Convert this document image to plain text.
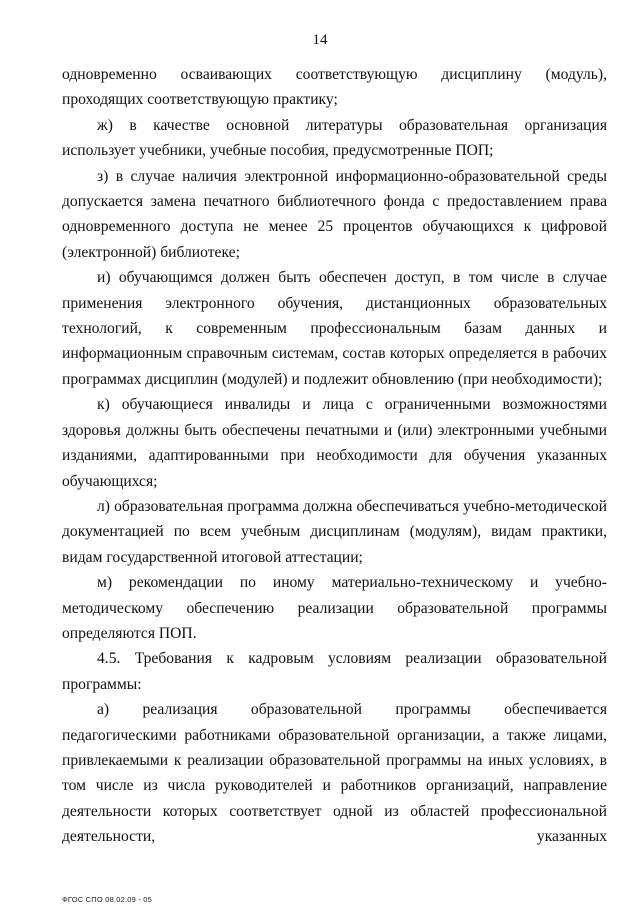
14

одновременно осваивающих соответствующую дисциплину (модуль), проходящих соответствующую практику;

ж) в качестве основной литературы образовательная организация использует учебники, учебные пособия, предусмотренные ПОП;

з) в случае наличия электронной информационно-образовательной среды допускается замена печатного библиотечного фонда с предоставлением права одновременного доступа не менее 25 процентов обучающихся к цифровой (электронной) библиотеке;

и) обучающимся должен быть обеспечен доступ, в том числе в случае применения электронного обучения, дистанционных образовательных технологий, к современным профессиональным базам данных и информационным справочным системам, состав которых определяется в рабочих программах дисциплин (модулей) и подлежит обновлению (при необходимости);

к) обучающиеся инвалиды и лица с ограниченными возможностями здоровья должны быть обеспечены печатными и (или) электронными учебными изданиями, адаптированными при необходимости для обучения указанных обучающихся;

л) образовательная программа должна обеспечиваться учебно-методической документацией по всем учебным дисциплинам (модулям), видам практики, видам государственной итоговой аттестации;

м) рекомендации по иному материально-техническому и учебно-методическому обеспечению реализации образовательной программы определяются ПОП.

4.5. Требования к кадровым условиям реализации образовательной программы:

а) реализация образовательной программы обеспечивается педагогическими работниками образовательной организации, а также лицами, привлекаемыми к реализации образовательной программы на иных условиях, в том числе из числа руководителей и работников организаций, направление деятельности которых соответствует одной из областей профессиональной деятельности, указанных

ФГОС СПО 08.02.09 - 05
